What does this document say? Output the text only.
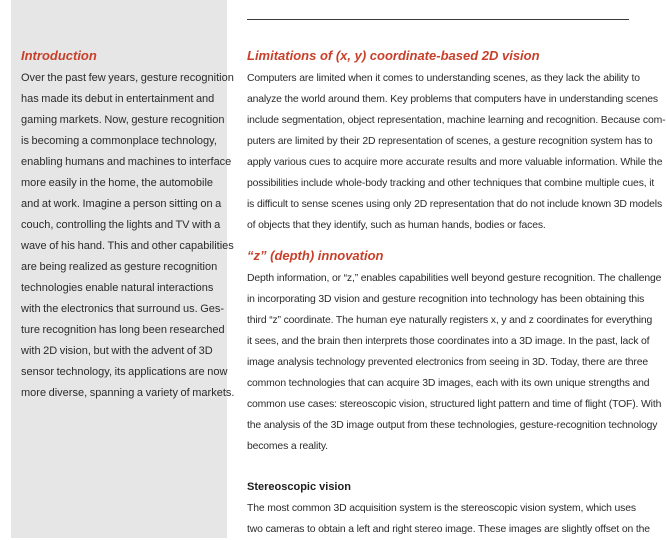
Introduction

Over the past few years, gesture recognition
has made its debut in entertainment and
gaming markets. Now, gesture recognition
is becoming a commonplace technology,
enabling humans and machines to interface
more easily in the home, the automobile
and at work. Imagine a person sitting on a
couch, controlling the lights and TV with a
wave of his hand. This and other capabilities
are being realized as gesture recognition
technologies enable natural interactions
with the electronics that surround us. Ges-
ture recognition has long been researched
with 2D vision, but with the advent of 3D
sensor technology, its applications are now
more diverse, spanning a variety of markets.

Limitations of (x, y) coordinate-based 2D vision

Computers are limited when it comes to understanding scenes, as they lack the ability to
analyze the world around them. Key problems that computers have in understanding scenes
include segmentation, object representation, machine learning and recognition. Because com-
puters are limited by their 2D representation of scenes, a gesture recognition system has to
apply various cues to acquire more accurate results and more valuable information. While the
possibilities include whole-body tracking and other techniques that combine multiple cues, it
is difficult to sense scenes using only 2D representation that do not include known 3D models
of objects that they identify, such as human hands, bodies or faces.

“z” (depth) innovation

Depth information, or “z,” enables capabilities well beyond gesture recognition. The challenge
in incorporating 3D vision and gesture recognition into technology has been obtaining this
third “z” coordinate. The human eye naturally registers x, y and z coordinates for everything
it sees, and the brain then interprets those coordinates into a 3D image. In the past, lack of
image analysis technology prevented electronics from seeing in 3D. Today, there are three
common technologies that can acquire 3D images, each with its own unique strengths and
common use cases: stereoscopic vision, structured light pattern and time of flight (TOF). With
the analysis of the 3D image output from these technologies, gesture-recognition technology
becomes a reality.

Stereoscopic vision

The most common 3D acquisition system is the stereoscopic vision system, which uses
two cameras to obtain a left and right stereo image. These images are slightly offset on the
